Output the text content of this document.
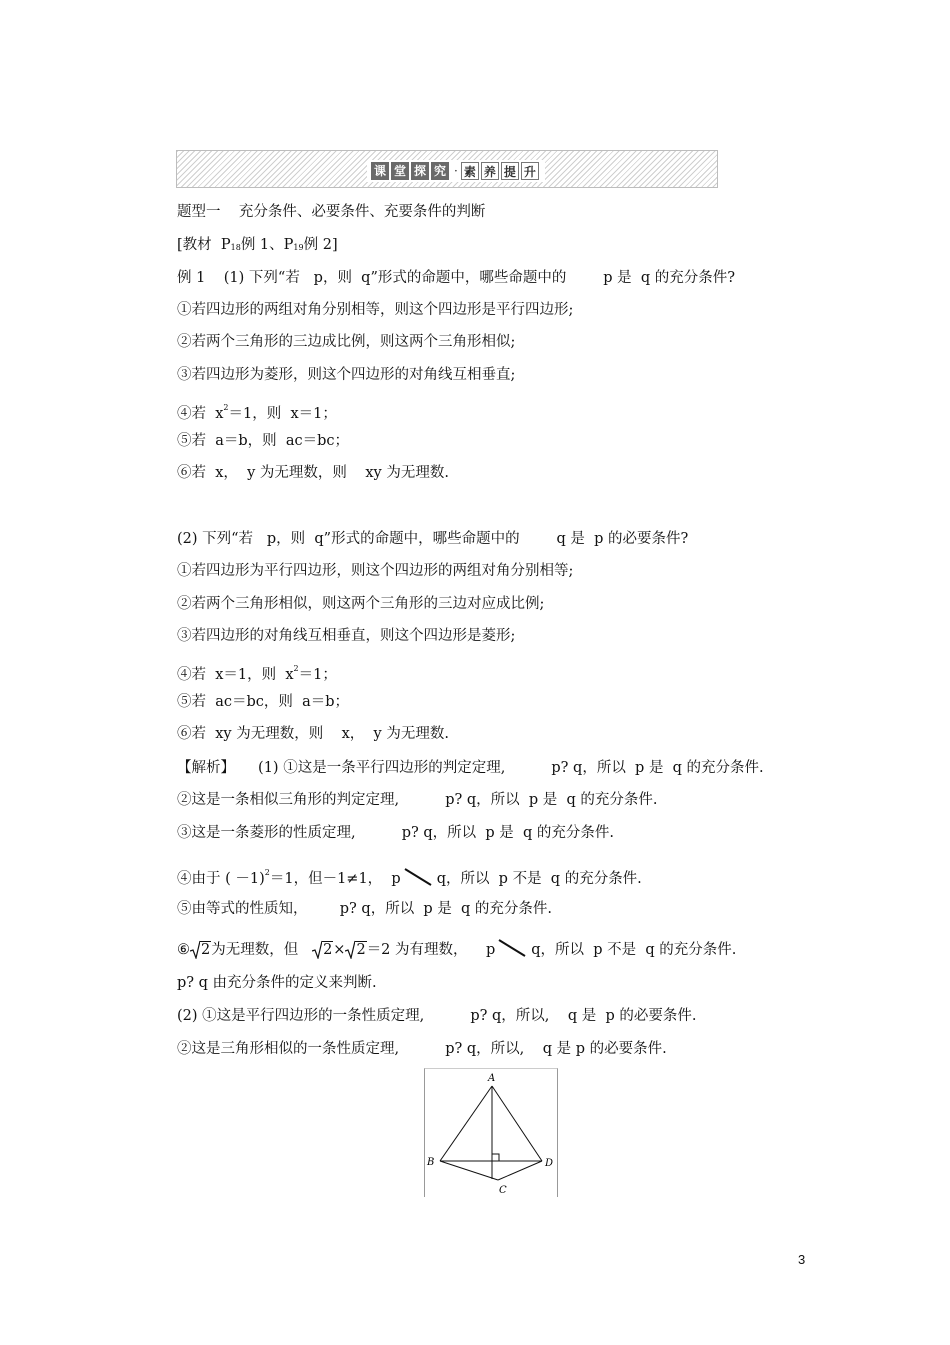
课 堂 探 究 · 素 养 提 升
题型一    充分条件、必要条件、充要条件的判断
[教材  P18例 1、P19例 2]
例 1    (1) 下列“若   p，则  q”形式的命题中，哪些命题中的        p 是  q 的充分条件?
①若四边形的两组对角分别相等，则这个四边形是平行四边形;
②若两个三角形的三边成比例，则这两个三角形相似;
③若四边形为菱形，则这个四边形的对角线互相垂直;
④若  $x^2=1$，则  x＝1；
⑤若  a＝b，则  ac＝bc；
⑥若  x，  y 为无理数，则    xy 为无理数.
(2) 下列“若   p，则  q”形式的命题中，哪些命题中的        q 是  p 的必要条件?
①若四边形为平行四边形，则这个四边形的两组对角分别相等;
②若两个三角形相似，则这两个三角形的三边对应成比例;
③若四边形的对角线互相垂直，则这个四边形是菱形;
④若  x＝1，则  $x^2=1$；
⑤若  ac＝bc，则  a＝b；
⑥若  xy 为无理数，则    x，  y 为无理数.
【解析】     (1) ①这是一条平行四边形的判定定理,          p? q，所以  p 是  q 的充分条件.
②这是一条相似三角形的判定定理,          p? q，所以  p 是  q 的充分条件.
③这是一条菱形的性质定理,          p? q，所以  p 是  q 的充分条件.
④由于 ( －1)$^2$＝1，但－1≠1，  p q，所以  p 不是  q 的充分条件.
⑤由等式的性质知，       p? q，所以  p 是  q 的充分条件.
⑥ 2为无理数，但
2× 2＝2 为有理数，    p q，所以  p 不是  q 的充分条件.
p? q 由充分条件的定义来判断.
(2) ①这是平行四边形的一条性质定理,          p? q，所以,    q 是  p 的必要条件.
②这是三角形相似的一条性质定理,          p? q，所以,    q 是 p 的必要条件.
A
B
C
D
3
